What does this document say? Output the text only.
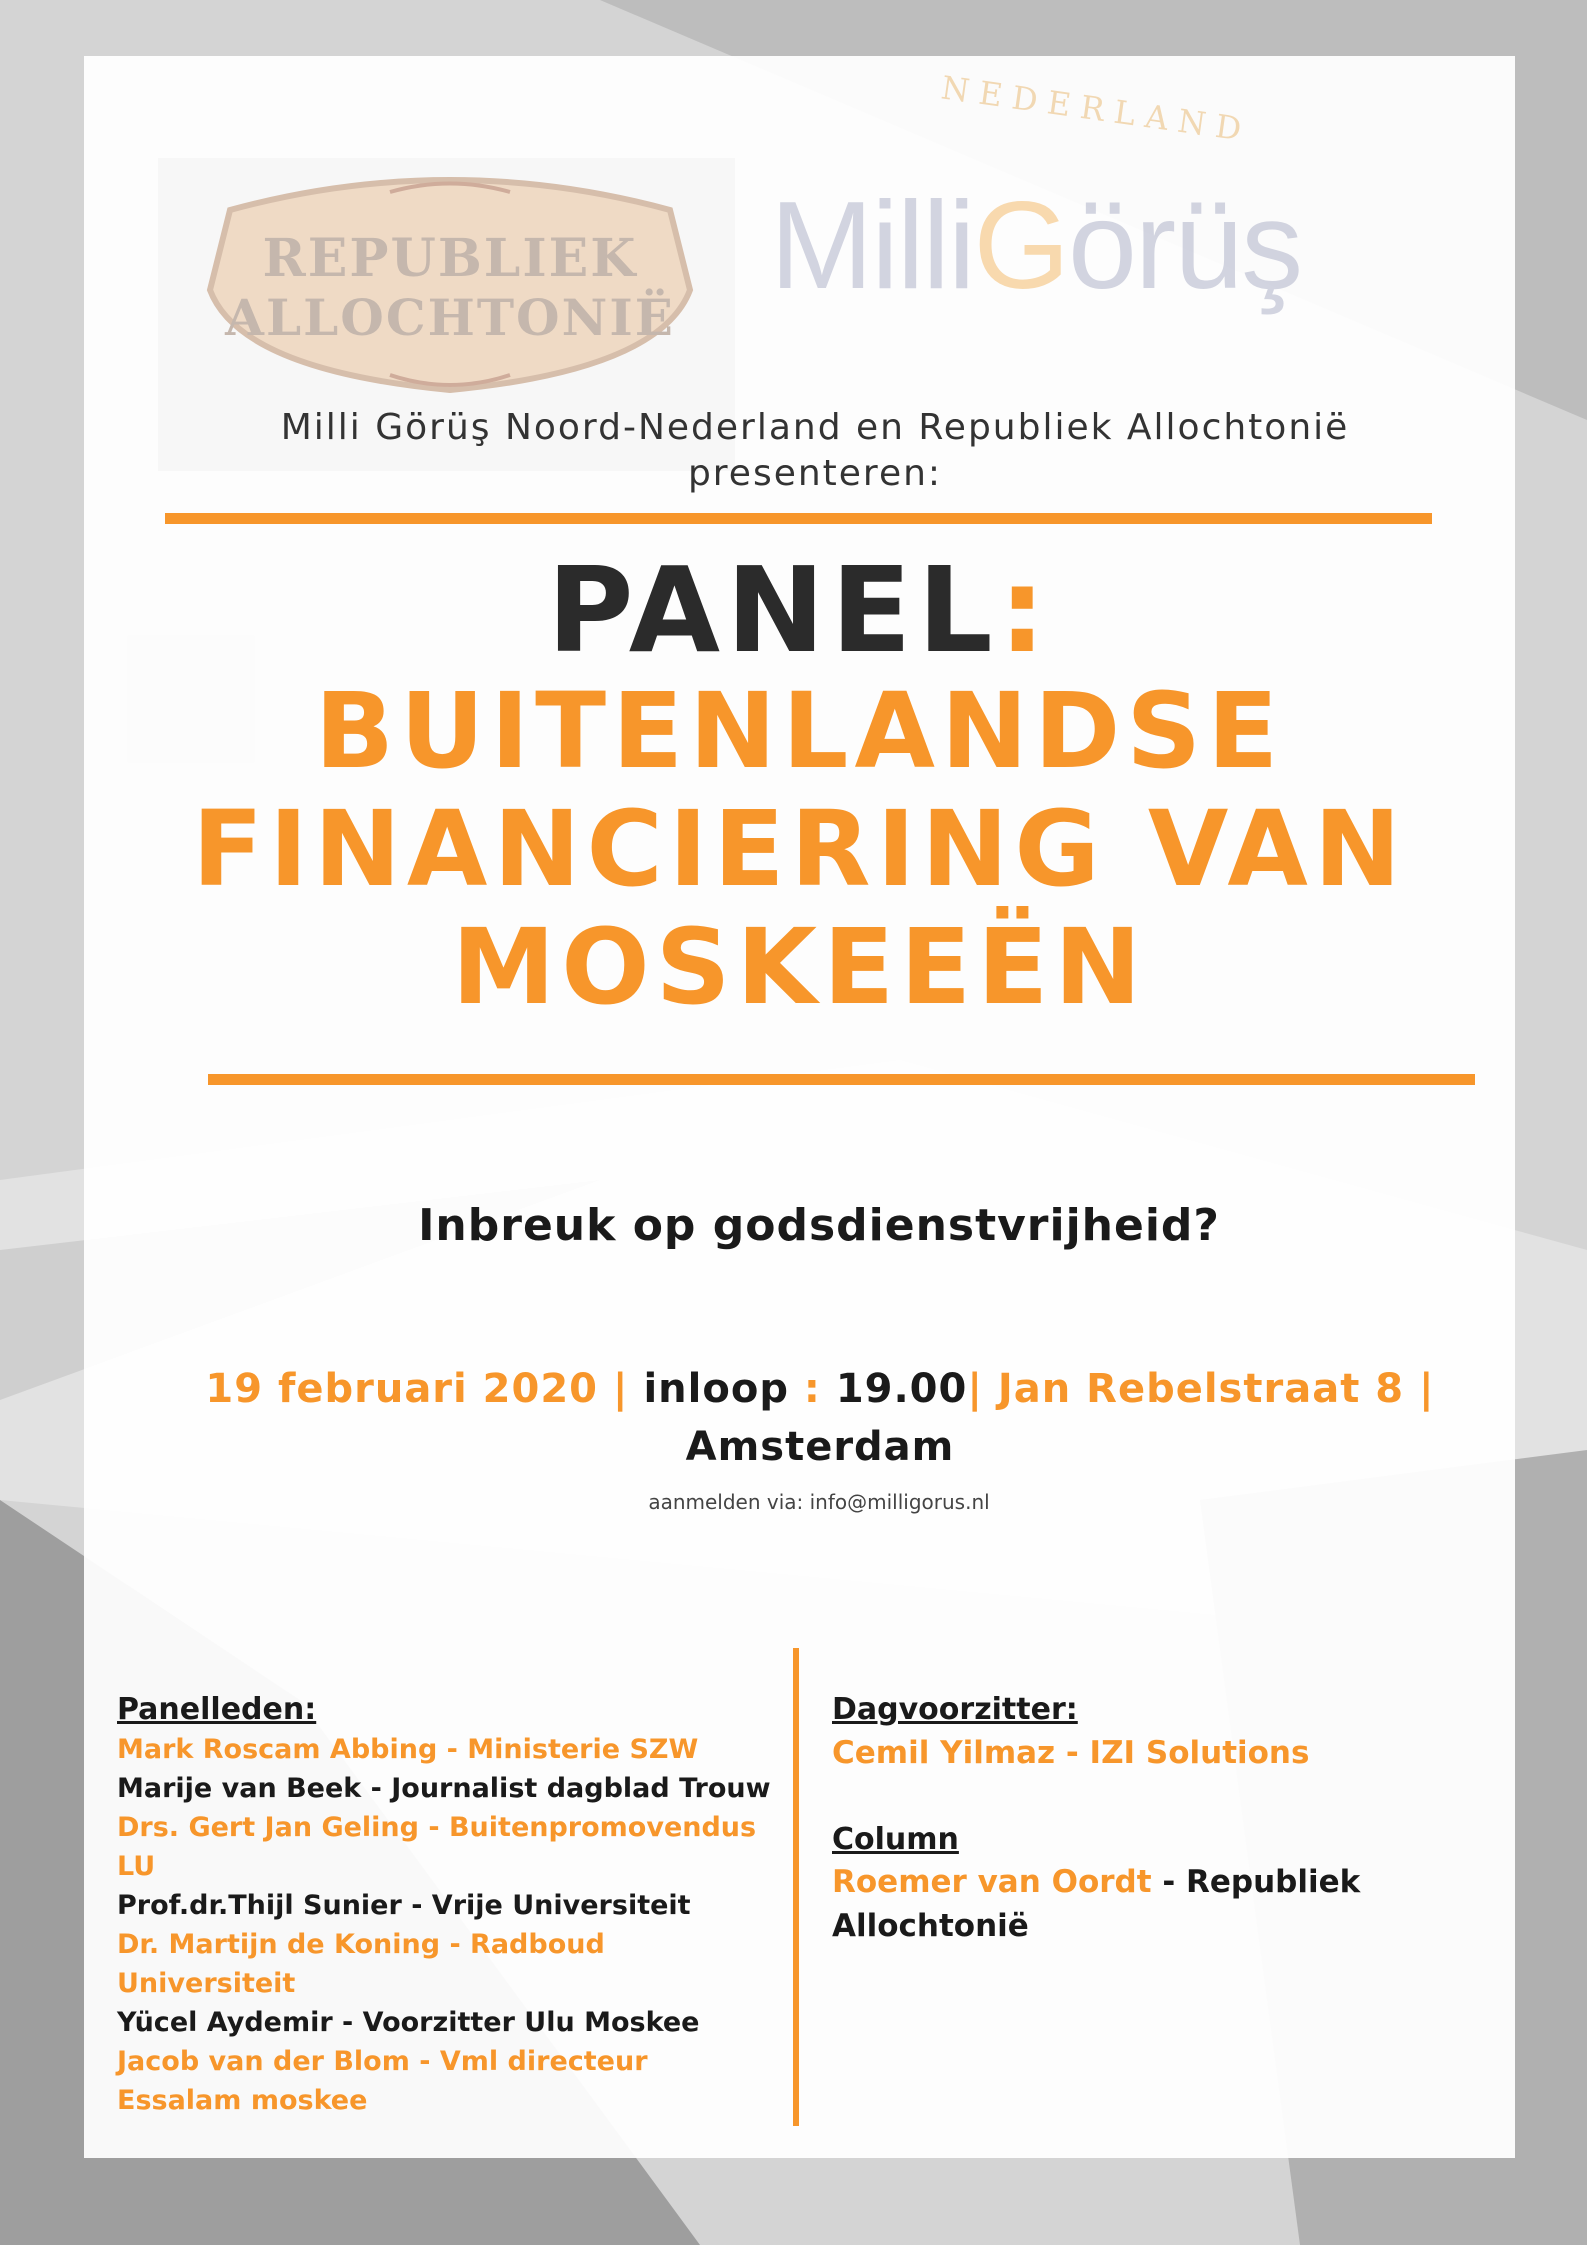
REPUBLIEK
ALLOCHTONIË
NEDERLAND
MilliGörüş
Milli Görüş Noord-Nederland en Republiek Allochtonië
presenteren:
PANEL:
BUITENLANDSE
FINANCIERING VAN
MOSKEEËN
Inbreuk op godsdienstvrijheid?
19 februari 2020 | inloop : 19.00| Jan Rebelstraat 8 |
Amsterdam
aanmelden via: info@milligorus.nl
Panelleden:
Mark Roscam Abbing - Ministerie SZW
Marije van Beek - Journalist dagblad Trouw
Drs. Gert Jan Geling - Buitenpromovendus LU
Prof.dr.Thijl Sunier - Vrije Universiteit
Dr. Martijn de Koning - Radboud Universiteit
Yücel Aydemir - Voorzitter Ulu Moskee
Jacob van der Blom - Vml directeur Essalam moskee
Dagvoorzitter:
Cemil Yilmaz - IZI Solutions
Column
Roemer van Oordt - Republiek
Allochtonië
